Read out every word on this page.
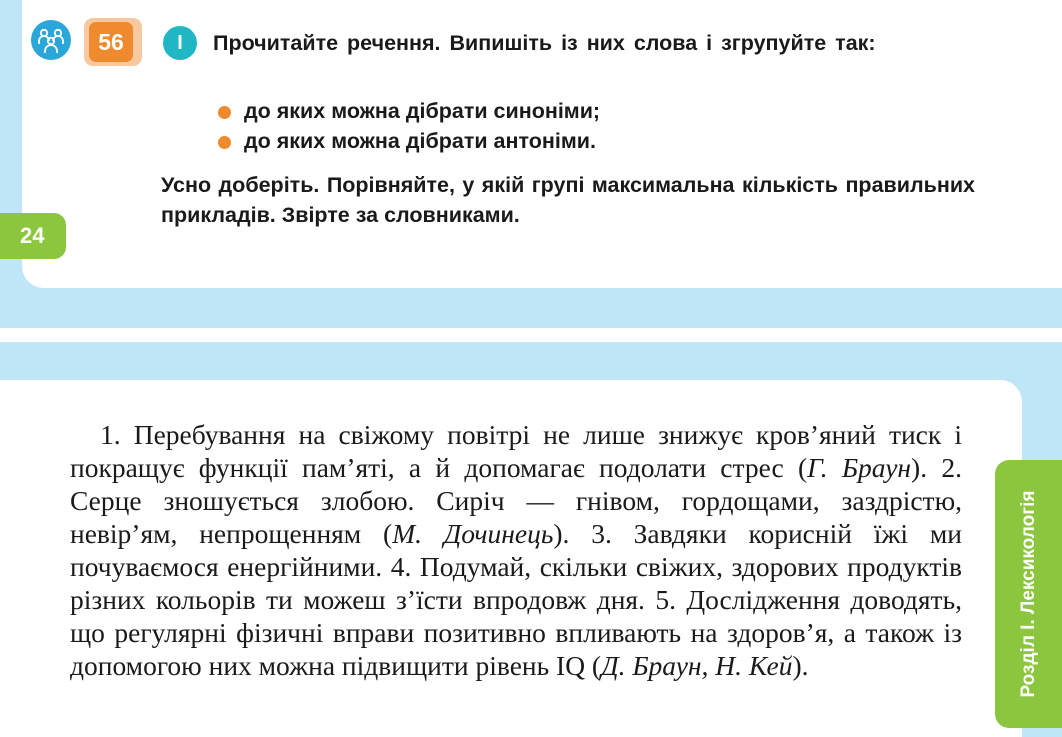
56	I	Прочитайте речення. Випишіть із них слова і згрупуйте так:
до яких можна дібрати синоніми;
до яких можна дібрати антоніми.
Усно доберіть. Порівняйте, у якій групі максимальна кількість правильних прикладів. Звірте за словниками.
24

1. Перебування на свіжому повітрі не лише знижує кров’яний тиск і покращує функції пам’яті, а й допомагає подолати стрес (Г. Браун). 2. Серце зношується злобою. Сиріч — гнівом, гордощами, заздрістю, невір’ям, непрощенням (М. Дочинець). 3. Завдяки корисній їжі ми почуваємося енергійними. 4. Подумай, скільки свіжих, здорових продуктів різних кольорів ти можеш з’їсти впродовж дня. 5. Дослідження доводять, що регулярні фізичні вправи позитивно впливають на здоров’я, а також із допомогою них можна підвищити рівень IQ (Д. Браун, Н. Кей).	Розділ І. Лексикологія
